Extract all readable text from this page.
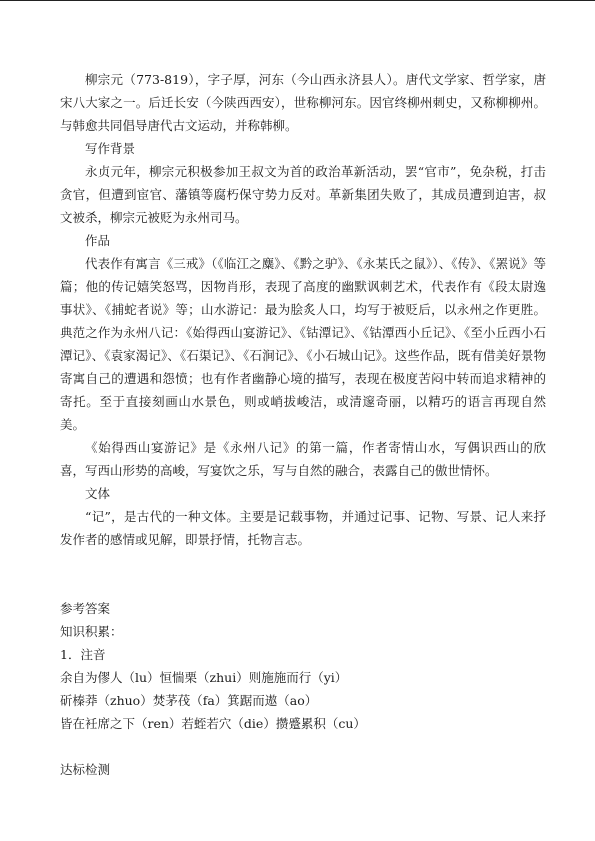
柳宗元（773-819），字子厚，河东（今山西永济县人）。唐代文学家、哲学家，唐宋八大家之一。后迁长安（今陕西西安），世称柳河东。因官终柳州刺史，又称柳柳州。与韩愈共同倡导唐代古文运动，并称韩柳。

写作背景

永贞元年，柳宗元积极参加王叔文为首的政治革新活动，罢“官市”，免杂税，打击贪官，但遭到宦官、藩镇等腐朽保守势力反对。革新集团失败了，其成员遭到迫害，叔文被杀，柳宗元被贬为永州司马。

作品

代表作有寓言《三戒》（《临江之麋》、《黔之驴》、《永某氏之鼠》）、《传》、《罴说》等篇；他的传记嬉笑怒骂，因物肖形，表现了高度的幽默讽刺艺术，代表作有《段太尉逸事状》、《捕蛇者说》等；山水游记：最为脍炙人口，均写于被贬后，以永州之作更胜。典范之作为永州八记：《始得西山宴游记》、《钴潭记》、《钴潭西小丘记》、《至小丘西小石潭记》、《袁家渴记》、《石渠记》、《石涧记》、《小石城山记》。这些作品，既有借美好景物寄寓自己的遭遇和怨愤；也有作者幽静心境的描写，表现在极度苦闷中转而追求精神的寄托。至于直接刻画山水景色，则或峭拔峻洁，或清邃奇丽，以精巧的语言再现自然美。

《始得西山宴游记》是《永州八记》的第一篇，作者寄情山水，写偶识西山的欣喜，写西山形势的高峻，写宴饮之乐，写与自然的融合，表露自己的傲世情怀。

文体

“记”，是古代的一种文体。主要是记载事物，并通过记事、记物、写景、记人来抒发作者的感情或见解，即景抒情，托物言志。

参考答案

知识积累：

1．注音

余自为僇人（lu）恒惴栗（zhui）则施施而行（yi）

斫榛莽（zhuo）焚茅茷（fa）箕踞而遨（ao）

皆在衽席之下（ren）若蛭若穴（die）攒蹙累积（cu）

达标检测
